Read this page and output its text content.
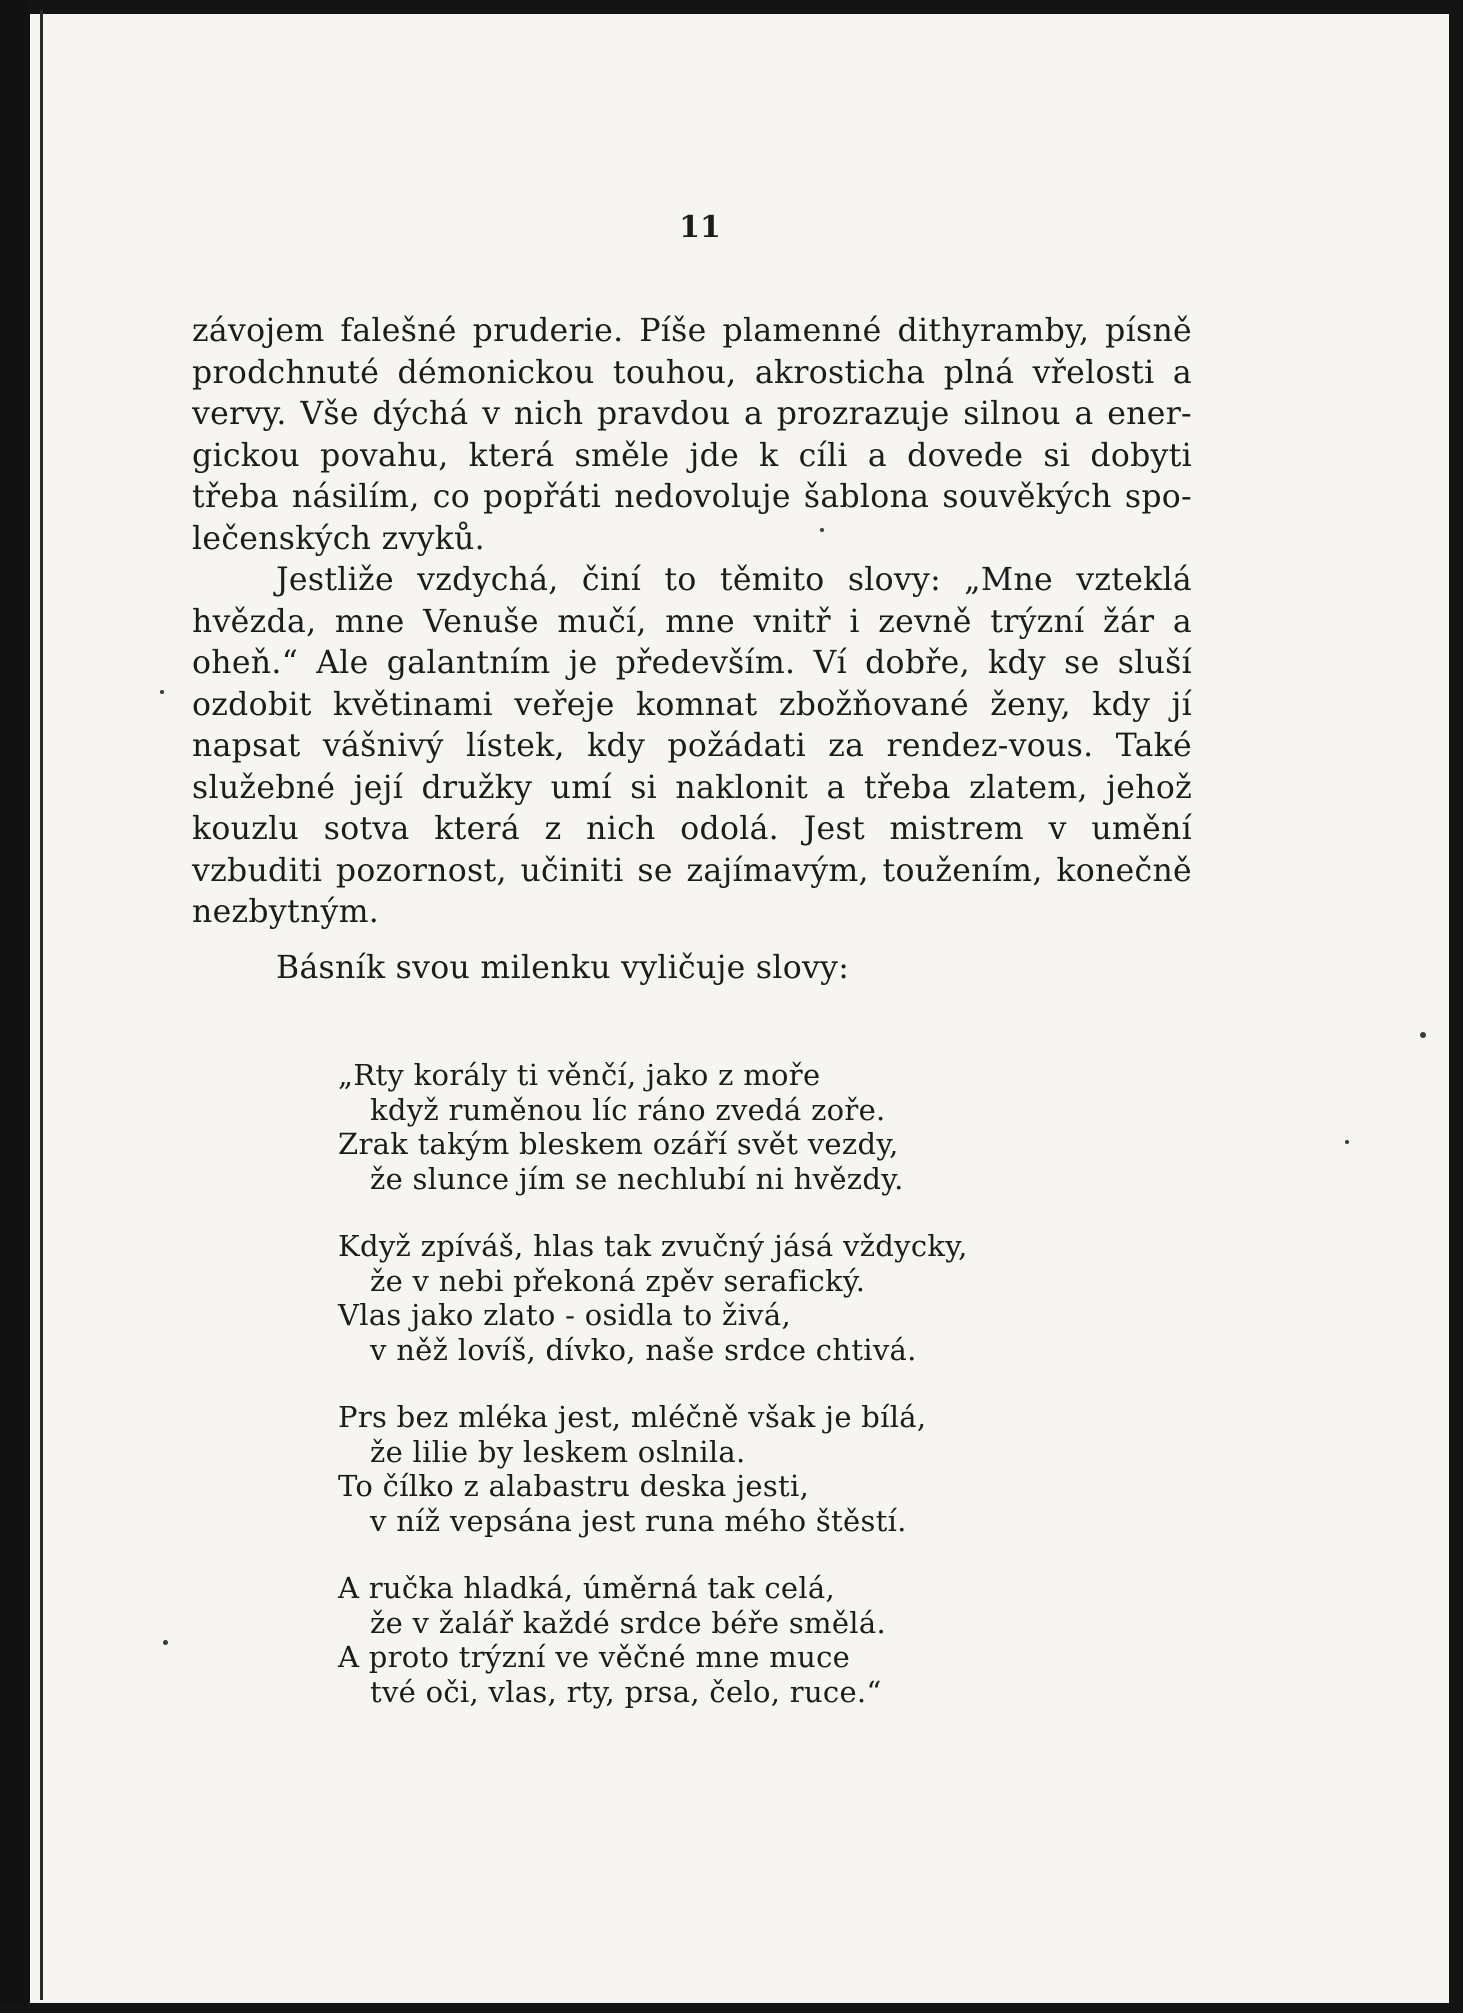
11

závojem falešné pruderie. Píše plamenné dithyramby, písně
prodchnuté démonickou touhou, akrosticha plná vřelosti a
vervy. Vše dýchá v nich pravdou a prozrazuje silnou a ener-
gickou povahu, která směle jde k cíli a dovede si dobyti
třeba násilím, co popřáti nedovoluje šablona souvěkých spo-
lečenských zvyků.

Jestliže vzdychá, činí to těmito slovy: „Mne vzteklá
hvězda, mne Venuše mučí, mne vnitř i zevně trýzní žár a
oheň.“ Ale galantním je především. Ví dobře, kdy se sluší
ozdobit květinami veřeje komnat zbožňované ženy, kdy jí
napsat vášnivý lístek, kdy požádati za rendez-vous. Také
služebné její družky umí si naklonit a třeba zlatem, jehož
kouzlu sotva která z nich odolá. Jest mistrem v umění
vzbuditi pozornost, učiniti se zajímavým, toužením, konečně
nezbytným.

Básník svou milenku vyličuje slovy:

„Rty korály ti věnčí, jako z moře
když ruměnou líc ráno zvedá zoře.
Zrak takým bleskem ozáří svět vezdy,
že slunce jím se nechlubí ni hvězdy.
Když zpíváš, hlas tak zvučný jásá vždycky,
že v nebi překoná zpěv serafický.
Vlas jako zlato - osidla to živá,
v něž lovíš, dívko, naše srdce chtivá.
Prs bez mléka jest, mléčně však je bílá,
že lilie by leskem oslnila.
To čílko z alabastru deska jesti,
v níž vepsána jest runa mého štěstí.
A ručka hladká, úměrná tak celá,
že v žalář každé srdce béře smělá.
A proto trýzní ve věčné mne muce
tvé oči, vlas, rty, prsa, čelo, ruce.“
